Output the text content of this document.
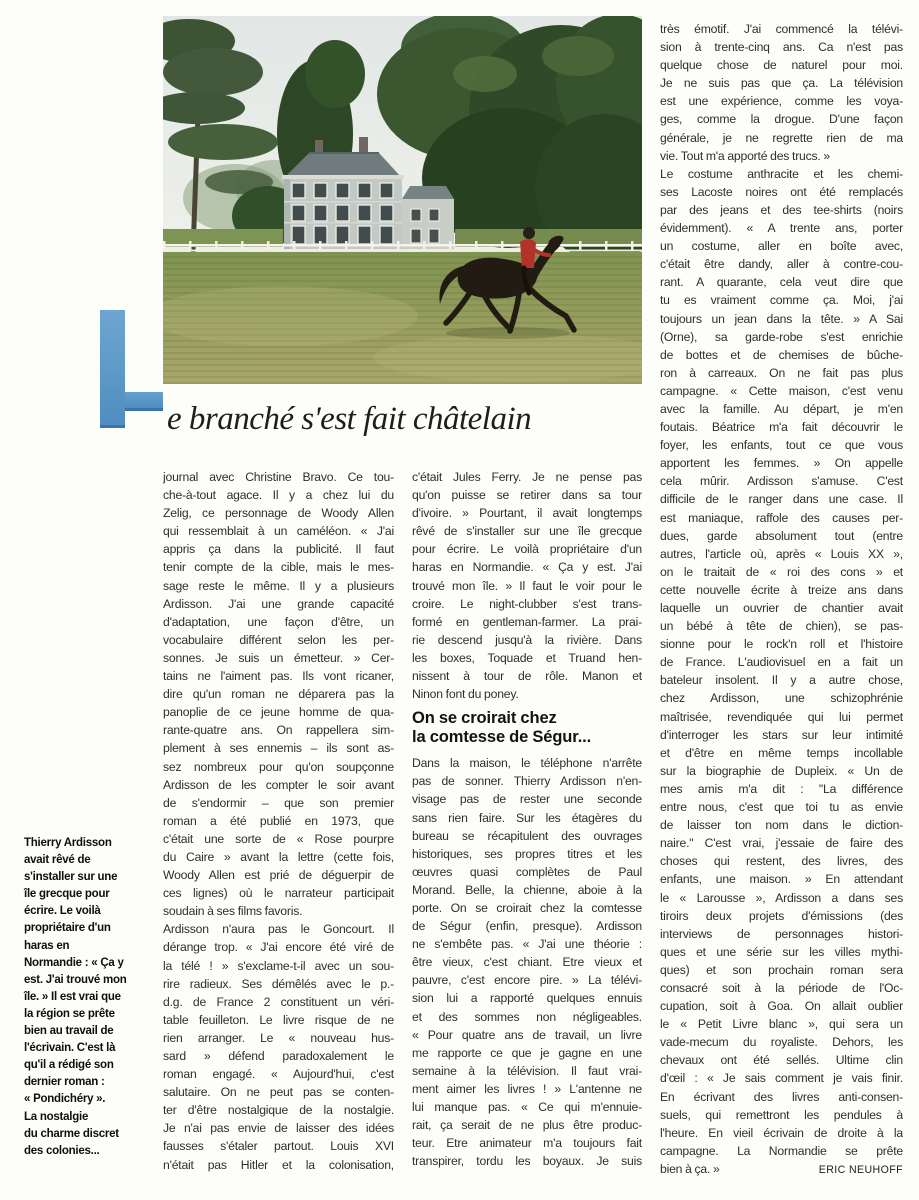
e branché s'est fait châtelain
Thierry Ardisson
avait rêvé de
s'installer sur une
île grecque pour
écrire. Le voilà
propriétaire d'un
haras en
Normandie : « Ça y
est. J'ai trouvé mon
île. » Il est vrai que
la région se prête
bien au travail de
l'écrivain. C'est là
qu'il a rédigé son
dernier roman :
« Pondichéry ».
La nostalgie
du charme discret
des colonies...
journal avec Christine Bravo. Ce tou-
che-à-tout agace. Il y a chez lui du
Zelig, ce personnage de Woody Allen
qui ressemblait à un caméléon. « J'ai
appris ça dans la publicité. Il faut
tenir compte de la cible, mais le mes-
sage reste le même. Il y a plusieurs
Ardisson. J'ai une grande capacité
d'adaptation, une façon d'être, un
vocabulaire différent selon les per-
sonnes. Je suis un émetteur. » Cer-
tains ne l'aiment pas. Ils vont ricaner,
dire qu'un roman ne déparera pas la
panoplie de ce jeune homme de qua-
rante-quatre ans. On rappellera sim-
plement à ses ennemis – ils sont as-
sez nombreux pour qu'on soupçonne
Ardisson de les compter le soir avant
de s'endormir – que son premier
roman a été publié en 1973, que
c'était une sorte de « Rose pourpre
du Caire » avant la lettre (cette fois,
Woody Allen est prié de déguerpir de
ces lignes) où le narrateur participait
soudain à ses films favoris.
Ardisson n'aura pas le Goncourt. Il
dérange trop. « J'ai encore été viré de
la télé ! » s'exclame-t-il avec un sou-
rire radieux. Ses démêlés avec le p.-
d.g. de France 2 constituent un véri-
table feuilleton. Le livre risque de ne
rien arranger. Le « nouveau hus-
sard » défend paradoxalement le
roman engagé. « Aujourd'hui, c'est
salutaire. On ne peut pas se conten-
ter d'être nostalgique de la nostalgie.
Je n'ai pas envie de laisser des idées
fausses s'étaler partout. Louis XVI
n'était pas Hitler et la colonisation,
c'était Jules Ferry. Je ne pense pas
qu'on puisse se retirer dans sa tour
d'ivoire. » Pourtant, il avait longtemps
rêvé de s'installer sur une île grecque
pour écrire. Le voilà propriétaire d'un
haras en Normandie. « Ça y est. J'ai
trouvé mon île. » Il faut le voir pour le
croire. Le night-clubber s'est trans-
formé en gentleman-farmer. La prai-
rie descend jusqu'à la rivière. Dans
les boxes, Toquade et Truand hen-
nissent à tour de rôle. Manon et
Ninon font du poney.
On se croirait chez
la comtesse de Ségur...
Dans la maison, le téléphone n'arrête
pas de sonner. Thierry Ardisson n'en-
visage pas de rester une seconde
sans rien faire. Sur les étagères du
bureau se récapitulent des ouvrages
historiques, ses propres titres et les
œuvres quasi complètes de Paul
Morand. Belle, la chienne, aboie à la
porte. On se croirait chez la comtesse
de Ségur (enfin, presque). Ardisson
ne s'embête pas. « J'ai une théorie :
être vieux, c'est chiant. Etre vieux et
pauvre, c'est encore pire. » La télévi-
sion lui a rapporté quelques ennuis
et des sommes non négligeables.
« Pour quatre ans de travail, un livre
me rapporte ce que je gagne en une
semaine à la télévision. Il faut vrai-
ment aimer les livres ! » L'antenne ne
lui manque pas. « Ce qui m'ennuie-
rait, ça serait de ne plus être produc-
teur. Etre animateur m'a toujours fait
transpirer, tordu les boyaux. Je suis
très émotif. J'ai commencé la télévi-
sion à trente-cinq ans. Ca n'est pas
quelque chose de naturel pour moi.
Je ne suis pas que ça. La télévision
est une expérience, comme les voya-
ges, comme la drogue. D'une façon
générale, je ne regrette rien de ma
vie. Tout m'a apporté des trucs. »
Le costume anthracite et les chemi-
ses Lacoste noires ont été remplacés
par des jeans et des tee-shirts (noirs
évidemment). « A trente ans, porter
un costume, aller en boîte avec,
c'était être dandy, aller à contre-cou-
rant. A quarante, cela veut dire que
tu es vraiment comme ça. Moi, j'ai
toujours un jean dans la tête. » A Sai
(Orne), sa garde-robe s'est enrichie
de bottes et de chemises de bûche-
ron à carreaux. On ne fait pas plus
campagne. « Cette maison, c'est venu
avec la famille. Au départ, je m'en
foutais. Béatrice m'a fait découvrir le
foyer, les enfants, tout ce que vous
apportent les femmes. » On appelle
cela mûrir. Ardisson s'amuse. C'est
difficile de le ranger dans une case. Il
est maniaque, raffole des causes per-
dues, garde absolument tout (entre
autres, l'article où, après « Louis XX »,
on le traitait de « roi des cons » et
cette nouvelle écrite à treize ans dans
laquelle un ouvrier de chantier avait
un bébé à tête de chien), se pas-
sionne pour le rock'n roll et l'histoire
de France. L'audiovisuel en a fait un
bateleur insolent. Il y a autre chose,
chez Ardisson, une schizophrénie
maîtrisée, revendiquée qui lui permet
d'interroger les stars sur leur intimité
et d'être en même temps incollable
sur la biographie de Dupleix. « Un de
mes amis m'a dit : "La différence
entre nous, c'est que toi tu as envie
de laisser ton nom dans le diction-
naire." C'est vrai, j'essaie de faire des
choses qui restent, des livres, des
enfants, une maison. » En attendant
le « Larousse », Ardisson a dans ses
tiroirs deux projets d'émissions (des
interviews de personnages histori-
ques et une série sur les villes mythi-
ques) et son prochain roman sera
consacré soit à la période de l'Oc-
cupation, soit à Goa. On allait oublier
le « Petit Livre blanc », qui sera un
vade-mecum du royaliste. Dehors, les
chevaux ont été sellés. Ultime clin
d'œil : « Je sais comment je vais finir.
En écrivant des livres anti-consen-
suels, qui remettront les pendules à
l'heure. En vieil écrivain de droite à la
campagne. La Normandie se prête
bien à ça. »	ERIC NEUHOFF
